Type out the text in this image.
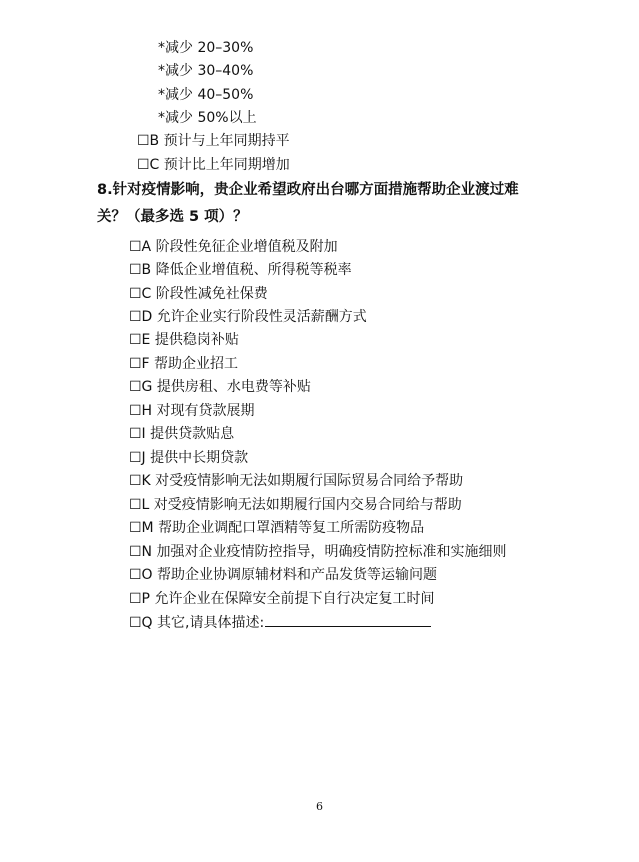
*减少 20–30%
*减少 30–40%
*减少 40–50%
*减少 50%以上
☐B 预计与上年同期持平
☐C 预计比上年同期增加
8.针对疫情影响，贵企业希望政府出台哪方面措施帮助企业渡过难
关？（最多选 5 项）？
☐A 阶段性免征企业增值税及附加
☐B 降低企业增值税、所得税等税率
☐C 阶段性减免社保费
☐D 允许企业实行阶段性灵活薪酬方式
☐E 提供稳岗补贴
☐F 帮助企业招工
☐G 提供房租、水电费等补贴
☐H 对现有贷款展期
☐I 提供贷款贴息
☐J 提供中长期贷款
☐K 对受疫情影响无法如期履行国际贸易合同给予帮助
☐L 对受疫情影响无法如期履行国内交易合同给与帮助
☐M 帮助企业调配口罩酒精等复工所需防疫物品
☐N 加强对企业疫情防控指导，明确疫情防控标准和实施细则
☐O 帮助企业协调原辅材料和产品发货等运输问题
☐P 允许企业在保障安全前提下自行决定复工时间
☐Q 其它,请具体描述:
6
